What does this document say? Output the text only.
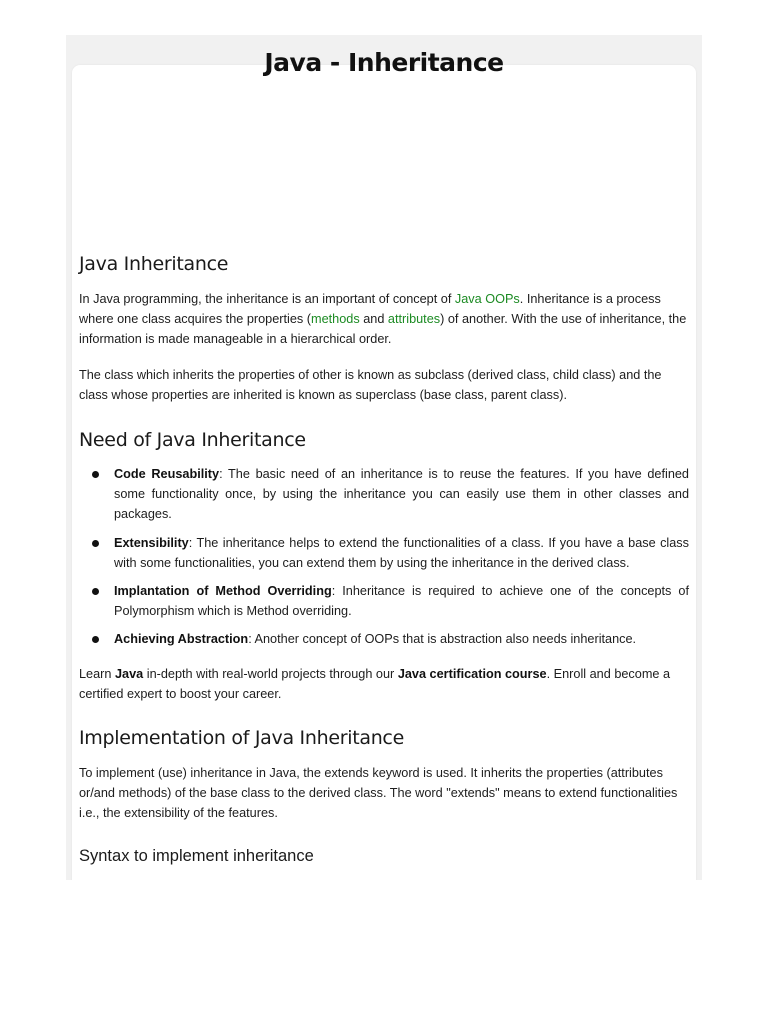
Java - Inheritance
Java Inheritance

In Java programming, the inheritance is an important of concept of Java OOPs. Inheritance is a process where one class acquires the properties (methods and attributes) of another. With the use of inheritance, the information is made manageable in a hierarchical order.

The class which inherits the properties of other is known as subclass (derived class, child class) and the class whose properties are inherited is known as superclass (base class, parent class).

Need of Java Inheritance
Code Reusability: The basic need of an inheritance is to reuse the features. If you have defined some functionality once, by using the inheritance you can easily use them in other classes and packages.
Extensibility: The inheritance helps to extend the functionalities of a class. If you have a base class with some functionalities, you can extend them by using the inheritance in the derived class.
Implantation of Method Overriding: Inheritance is required to achieve one of the concepts of Polymorphism which is Method overriding.
Achieving Abstraction: Another concept of OOPs that is abstraction also needs inheritance.

Learn Java in-depth with real-world projects through our Java certification course. Enroll and become a certified expert to boost your career.

Implementation of Java Inheritance

To implement (use) inheritance in Java, the extends keyword is used. It inherits the properties (attributes or/and methods) of the base class to the derived class. The word "extends" means to extend functionalities i.e., the extensibility of the features.

Syntax to implement inheritance
